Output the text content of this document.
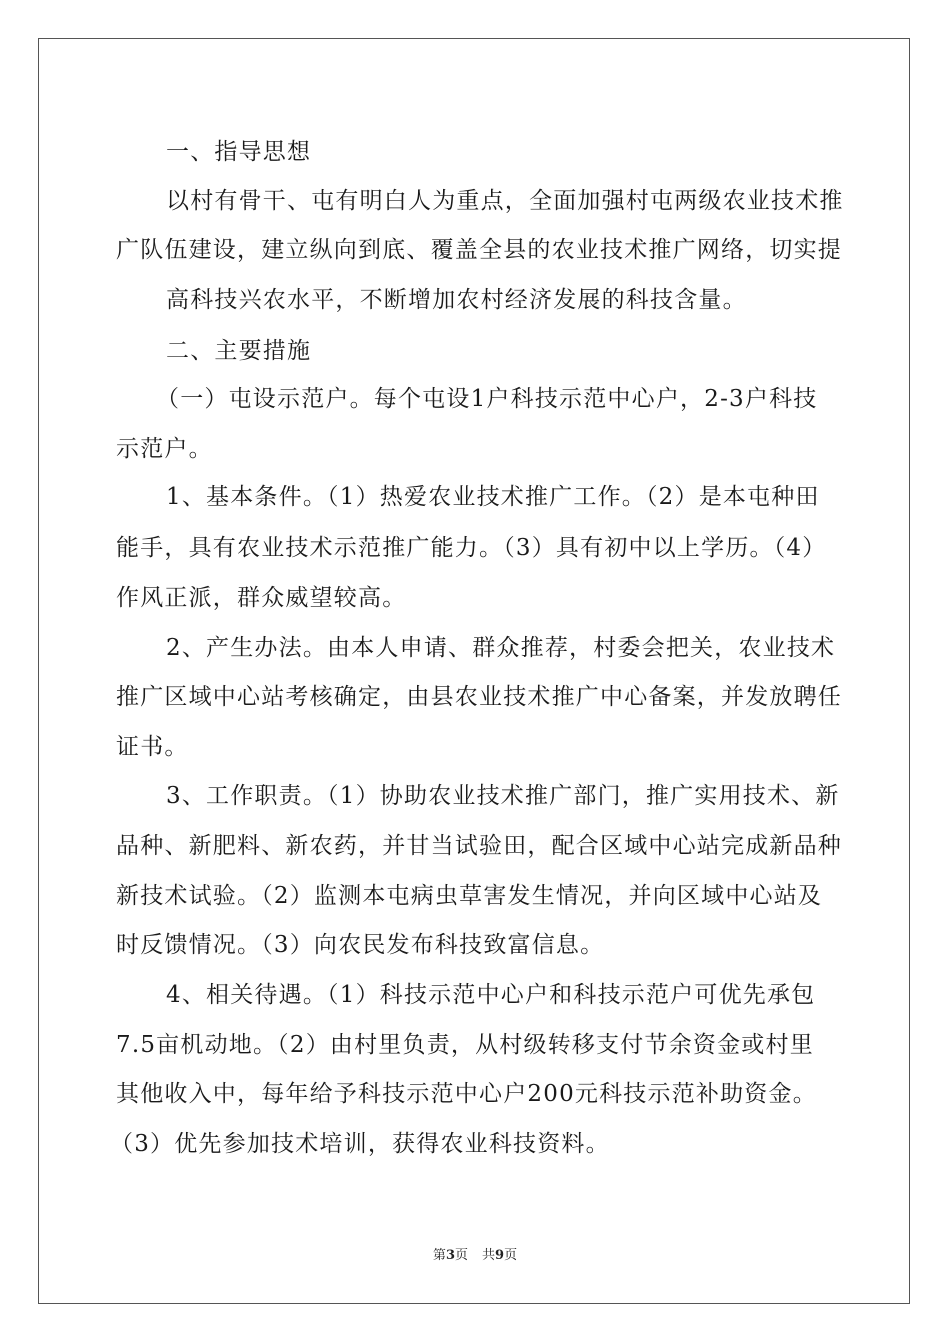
一、指导思想
以村有骨干、屯有明白人为重点，全面加强村屯两级农业技术推
广队伍建设，建立纵向到底、覆盖全县的农业技术推广网络，切实提
高科技兴农水平，不断增加农村经济发展的科技含量。
二、主要措施
（一）屯设示范户。每个屯设1户科技示范中心户，2-3户科技
示范户。
1、基本条件。（1）热爱农业技术推广工作。（2）是本屯种田
能手，具有农业技术示范推广能力。（3）具有初中以上学历。（4）
作风正派，群众威望较高。
2、产生办法。由本人申请、群众推荐，村委会把关，农业技术
推广区域中心站考核确定，由县农业技术推广中心备案，并发放聘任
证书。
3、工作职责。（1）协助农业技术推广部门，推广实用技术、新
品种、新肥料、新农药，并甘当试验田，配合区域中心站完成新品种
新技术试验。（2）监测本屯病虫草害发生情况，并向区域中心站及
时反馈情况。（3）向农民发布科技致富信息。
4、相关待遇。（1）科技示范中心户和科技示范户可优先承包
7.5亩机动地。（2）由村里负责，从村级转移支付节余资金或村里
其他收入中，每年给予科技示范中心户200元科技示范补助资金。
（3）优先参加技术培训，获得农业科技资料。
第3页 共9页
